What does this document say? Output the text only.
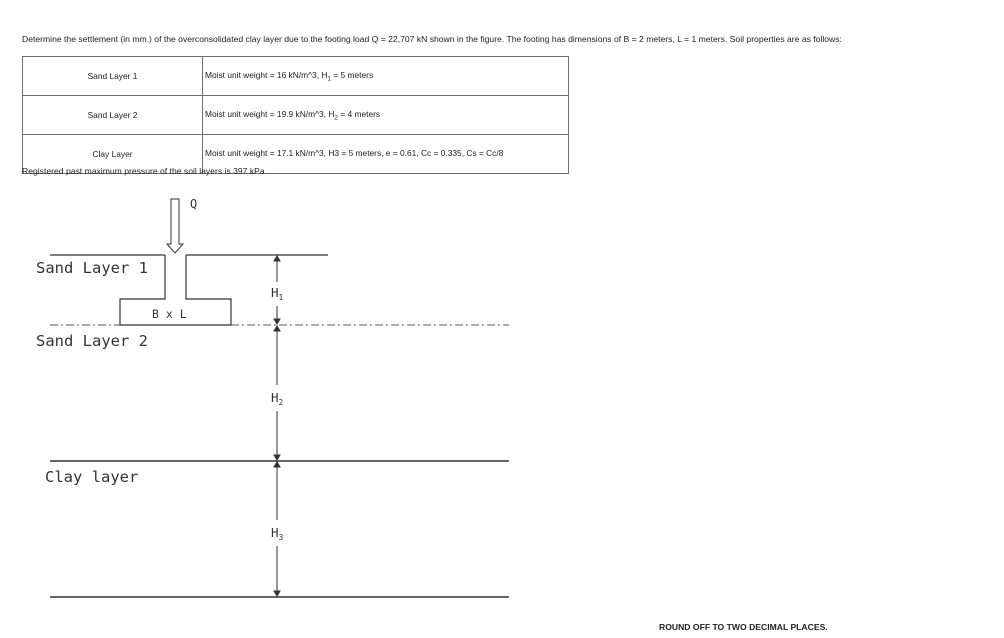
Determine the settlement (in mm.) of the overconsolidated clay layer due to the footing load Q = 22,707 kN shown in the figure. The footing has dimensions of B = 2 meters, L = 1 meters. Soil properties are as follows:
Sand Layer 1	Moist unit weight = 16 kN/m^3, $H_1 = 5$ meters
Sand Layer 2	Moist unit weight = 19.9 kN/m^3, $H_2 = 4$ meters
Clay Layer	Moist unit weight = 17.1 kN/m^3, H3 = 5 meters, e = 0.61, Cc = 0.335, Cs = Cc/8
Registered past maximum pressure of the soil layers is 397 kPa
Q
B x L
Sand Layer 1
Sand Layer 2
Clay layer
$H_1$
$H_2$
$H_3$
ROUND OFF TO TWO DECIMAL PLACES.
